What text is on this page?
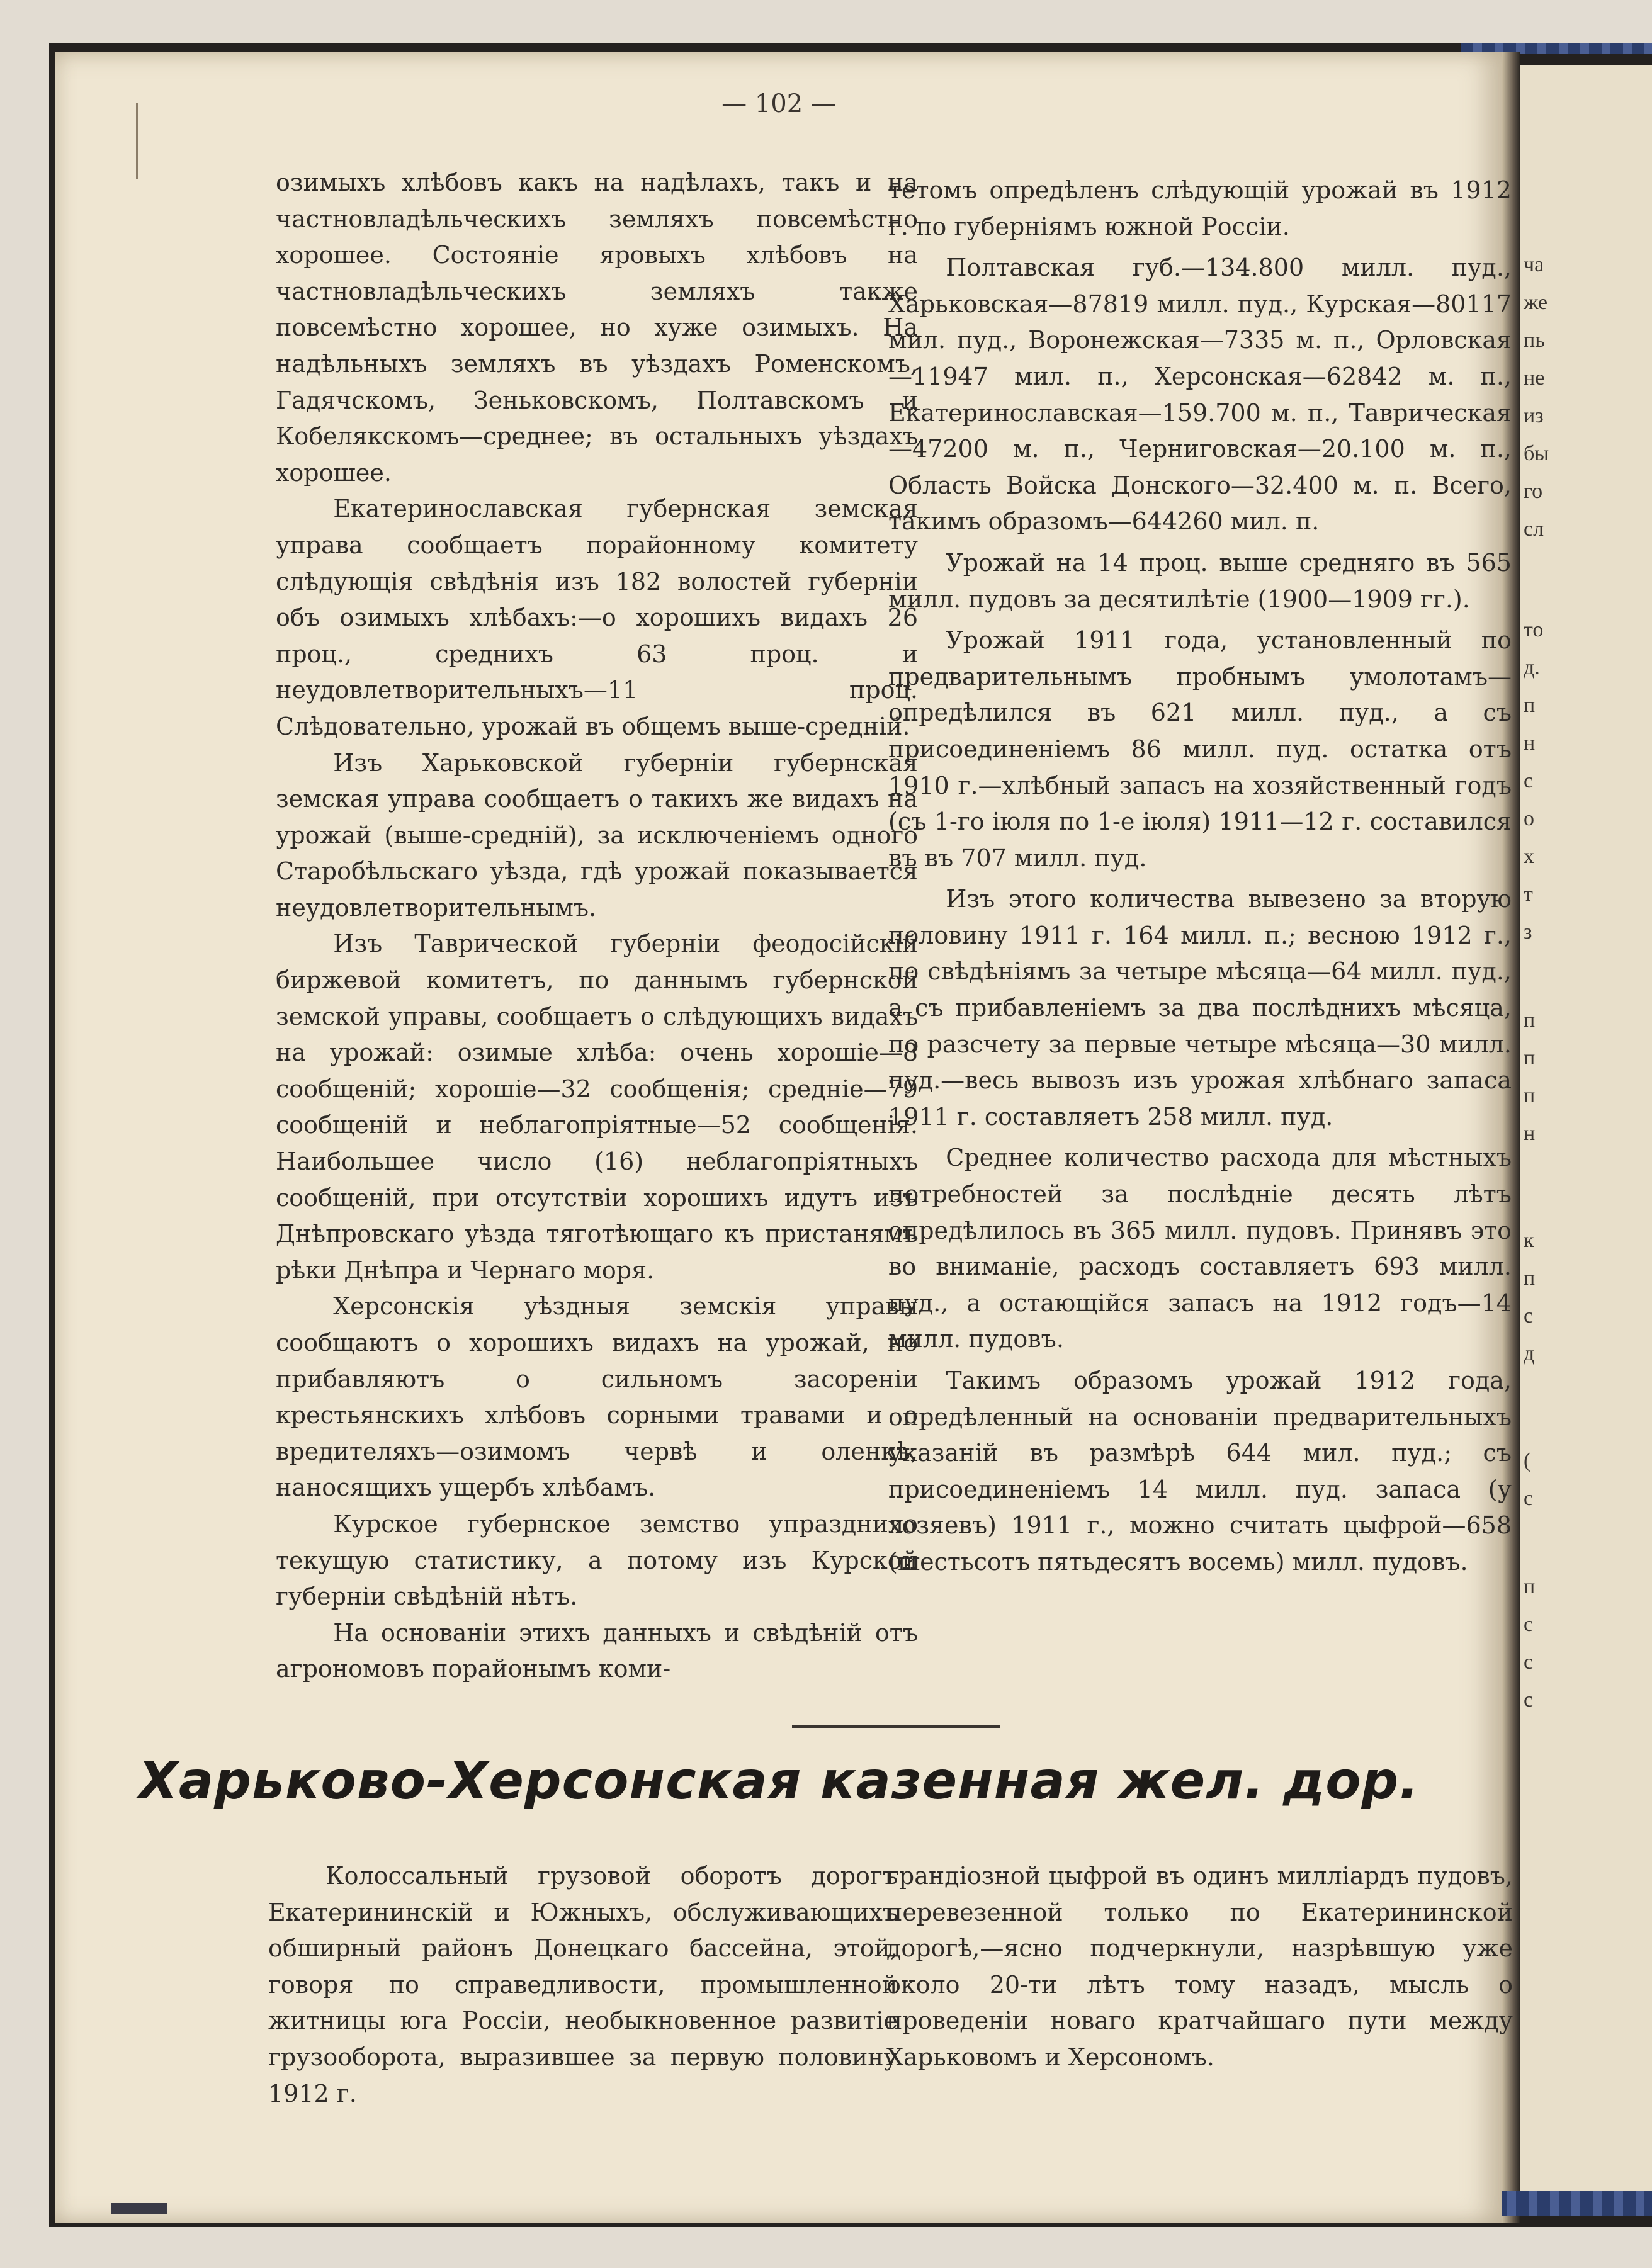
ча
же
пь
не
из
бы
го
сл
то
д.
п
н
с
о
х
т
з
п
п
п
н
к
п
с
д
(
с
п
с
с
с
— 102 —

озимыхъ хлѣбовъ какъ на надѣлахъ, такъ и на частновладѣльческихъ земляхъ повсемѣстно хорошее. Состояніе яровыхъ хлѣбовъ на частновладѣльческихъ земляхъ также повсемѣстно хорошее, но хуже озимыхъ. На надѣльныхъ земляхъ въ уѣздахъ Роменскомъ, Гадячскомъ, Зеньковскомъ, Полтавскомъ и Кобелякскомъ—среднее; въ остальныхъ уѣздахъ хорошее.

Екатеринославская губернская земская управа сообщаетъ порайонному комитету слѣдующія свѣдѣнія изъ 182 волостей губерніи объ озимыхъ хлѣбахъ:—о хорошихъ видахъ 26 проц., среднихъ 63 проц. и неудовлетворительныхъ—11 проц. Слѣдовательно, урожай въ общемъ выше-средній.

Изъ Харьковской губерніи губернская земская управа сообщаетъ о такихъ же видахъ на урожай (выше-средній), за исключеніемъ одного Старобѣльскаго уѣзда, гдѣ урожай показывается неудовлетворительнымъ.

Изъ Таврической губерніи феодосійскій биржевой комитетъ, по даннымъ губернской земской управы, сообщаетъ о слѣдующихъ видахъ на урожай: озимые хлѣба: очень хорошіе—8 сообщеній; хорошіе—32 сообщенія; средніе—79 сообщеній и неблагопріятные—52 сообщенія. Наибольшее число (16) неблагопріятныхъ сообщеній, при отсутствіи хорошихъ идутъ изъ Днѣпровскаго уѣзда тяготѣющаго къ пристанямъ рѣки Днѣпра и Чернаго моря.

Херсонскія уѣздныя земскія управы сообщаютъ о хорошихъ видахъ на урожай, но прибавляютъ о сильномъ засореніи крестьянскихъ хлѣбовъ сорными травами и о вредителяхъ—озимомъ червѣ и оленкѣ, наносящихъ ущербъ хлѣбамъ.

Курское губернское земство упразднило текущую статистику, а потому изъ Курской губерніи свѣдѣній нѣтъ.

На основаніи этихъ данныхъ и свѣдѣній отъ агрономовъ порайонымъ коми-

тетомъ опредѣленъ слѣдующій урожай въ 1912 г. по губерніямъ южной Россіи.

Полтавская губ.—134.800 милл. пуд., Харьковская—87819 милл. пуд., Курская—80117 мил. пуд., Воронежская—7335 м. п., Орловская—11947 мил. п., Херсонская—62842 м. п., Екатеринославская—159.700 м. п., Таврическая—47200 м. п., Черниговская—20.100 м. п., Область Войска Донского—32.400 м. п. Всего, такимъ образомъ—644260 мил. п.

Урожай на 14 проц. выше средняго въ 565 милл. пудовъ за десятилѣтіе (1900—1909 гг.).

Урожай 1911 года, установленный по предварительнымъ пробнымъ умолотамъ—опредѣлился въ 621 милл. пуд., а съ присоединеніемъ 86 милл. пуд. остатка отъ 1910 г.—хлѣбный запасъ на хозяйственный годъ (съ 1-го іюля по 1-е іюля) 1911—12 г. составился въ въ 707 милл. пуд.

Изъ этого количества вывезено за вторую половину 1911 г. 164 милл. п.; весною 1912 г., по свѣдѣніямъ за четыре мѣсяца—64 милл. пуд., а съ прибавленіемъ за два послѣднихъ мѣсяца, по разсчету за первые четыре мѣсяца—30 милл. пуд.—весь вывозъ изъ урожая хлѣбнаго запаса 1911 г. составляетъ 258 милл. пуд.

Среднее количество расхода для мѣстныхъ потребностей за послѣдніе десять лѣтъ опредѣлилось въ 365 милл. пудовъ. Принявъ это во вниманіе, расходъ составляетъ 693 милл. пуд., а остающійся запасъ на 1912 годъ—14 милл. пудовъ.

Такимъ образомъ урожай 1912 года, опредѣленный на основаніи предварительныхъ указаній въ размѣрѣ 644 мил. пуд.; съ присоединеніемъ 14 милл. пуд. запаса (у хозяевъ) 1911 г., можно считать цыфрой—658 (шестьсотъ пятьдесятъ восемь) милл. пудовъ.

Харьково-Херсонская казенная жел. дор.

Колоссальный грузовой оборотъ дорогъ Екатерининскій и Южныхъ, обслуживающихъ обширный районъ Донецкаго бассейна, этой, говоря по справедливости, промышленной житницы юга Россіи, необыкновенное развитіе грузооборота, выразившее за первую половину 1912 г.

грандіозной цыфрой въ одинъ милліардъ пудовъ, перевезенной только по Екатерининской дорогѣ,—ясно подчеркнули, назрѣвшую уже около 20-ти лѣтъ тому назадъ, мысль о проведеніи новаго кратчайшаго пути между Харьковомъ и Херсономъ.
